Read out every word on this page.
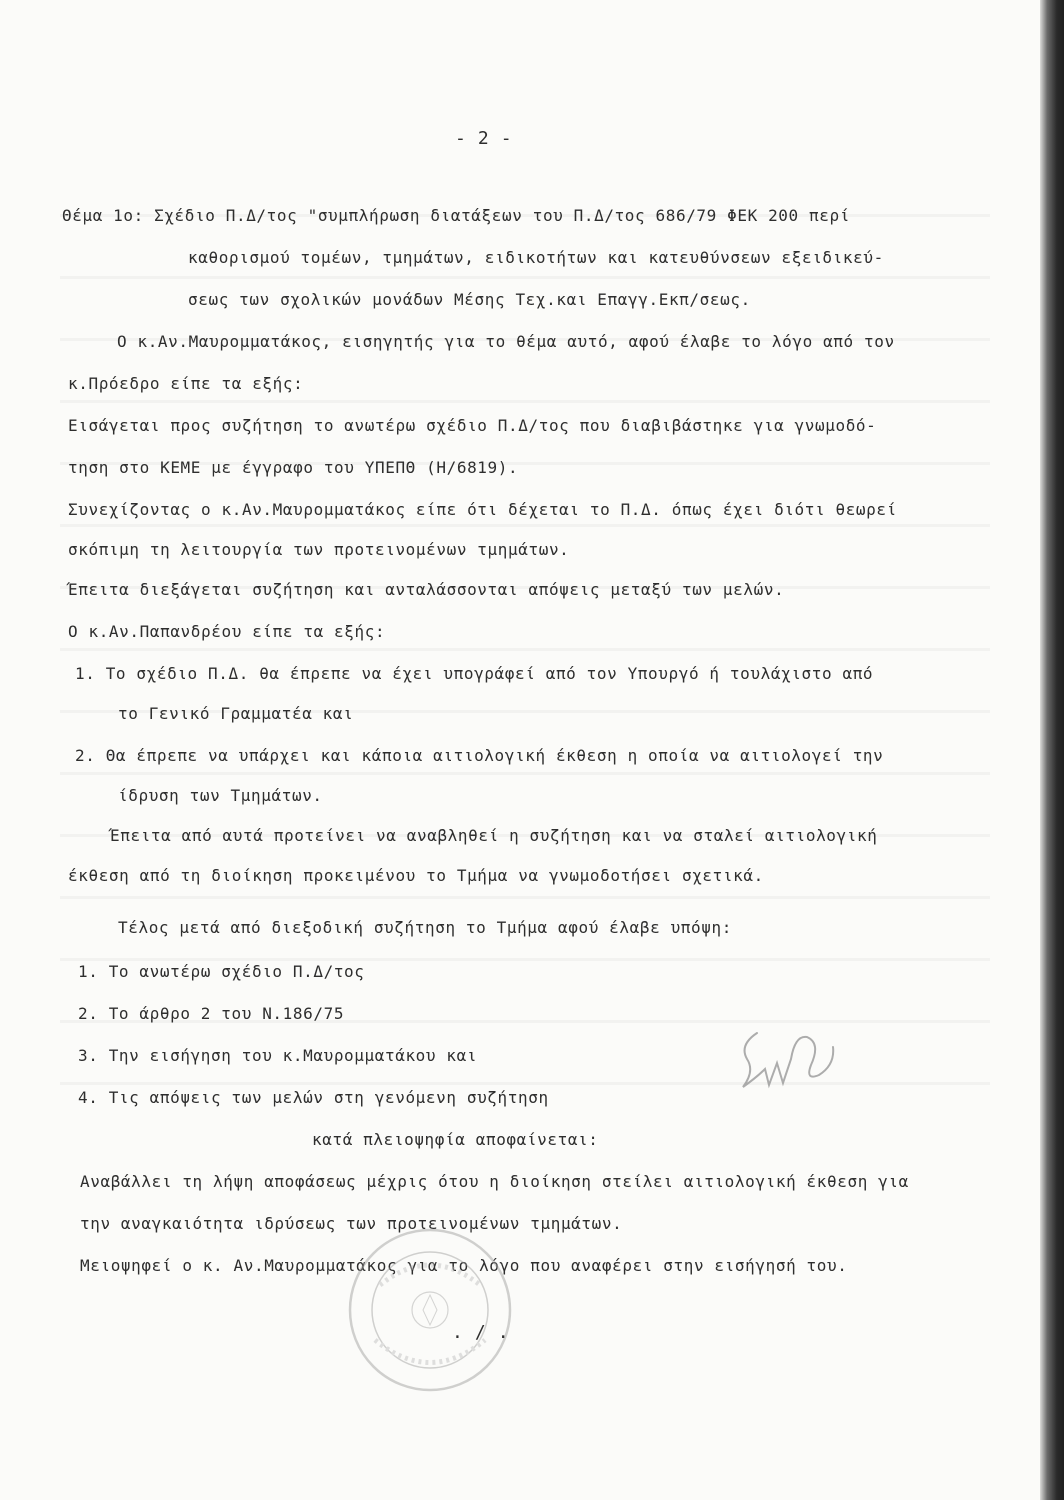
- 2 -
Θέμα 1ο: Σχέδιο Π.Δ/τος "συμπλήρωση διατάξεων του Π.Δ/τος 686/79 ΦΕΚ 200 περί
καθορισμού τομέων, τμημάτων, ειδικοτήτων και κατευθύνσεων εξειδικεύ-
σεως των σχολικών μονάδων Μέσης Τεχ.και Επαγγ.Εκπ/σεως.
Ο κ.Αν.Μαυρομματάκος, εισηγητής για το θέμα αυτό, αφού έλαβε το λόγο από τον
κ.Πρόεδρο είπε τα εξής:
Εισάγεται προς συζήτηση το ανωτέρω σχέδιο Π.Δ/τος που διαβιβάστηκε για γνωμοδό-
τηση στο ΚΕΜΕ με έγγραφο του ΥΠΕΠΘ (Η/6819).
Συνεχίζοντας ο κ.Αν.Μαυρομματάκος είπε ότι δέχεται το Π.Δ. όπως έχει διότι θεωρεί
σκόπιμη τη λειτουργία των προτεινομένων τμημάτων.
Έπειτα διεξάγεται συζήτηση και ανταλάσσονται απόψεις μεταξύ των μελών.
Ο κ.Αν.Παπανδρέου είπε τα εξής:
1. Το σχέδιο Π.Δ. θα έπρεπε να έχει υπογράφεί από τον Υπουργό ή τουλάχιστο από
το Γενικό Γραμματέα και
2. Θα έπρεπε να υπάρχει και κάποια αιτιολογική έκθεση η οποία να αιτιολογεί την
ίδρυση των Τμημάτων.
Έπειτα από αυτά προτείνει να αναβληθεί η συζήτηση και να σταλεί αιτιολογική
έκθεση από τη διοίκηση προκειμένου το Τμήμα να γνωμοδοτήσει σχετικά.
Τέλος μετά από διεξοδική συζήτηση το Τμήμα αφού έλαβε υπόψη:
1. Το ανωτέρω σχέδιο Π.Δ/τος
2. Το άρθρο 2 του Ν.186/75
3. Την εισήγηση του κ.Μαυρομματάκου και
4. Τις απόψεις των μελών στη γενόμενη συζήτηση
κατά πλειοψηφία αποφαίνεται:
Αναβάλλει τη λήψη αποφάσεως μέχρις ότου η διοίκηση στείλει αιτιολογική έκθεση για
την αναγκαιότητα ιδρύσεως των προτεινομένων τμημάτων.
Μειοψηφεί ο κ. Αν.Μαυρομματάκος για το λόγο που αναφέρει στην εισήγησή του.
. / .
